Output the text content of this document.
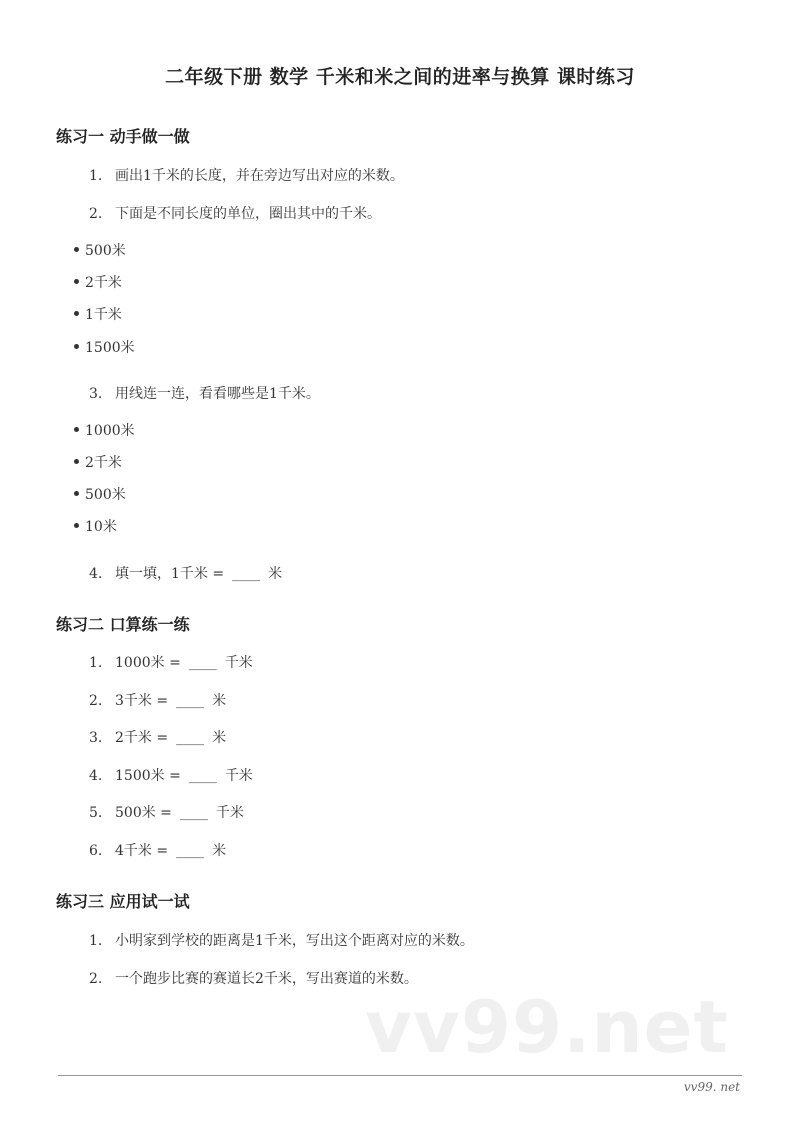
二年级下册 数学 千米和米之间的进率与换算 课时练习
练习一 动手做一做
1. 画出1千米的长度，并在旁边写出对应的米数。
2. 下面是不同长度的单位，圈出其中的千米。
500米
2千米
1千米
1500米
3. 用线连一连，看看哪些是1千米。
1000米
2千米
500米
10米
4. 填一填，1千米 = ____ 米
练习二 口算练一练
1. 1000米 = ____ 千米
2. 3千米 = ____ 米
3. 2千米 = ____ 米
4. 1500米 = ____ 千米
5. 500米 = ____ 千米
6. 4千米 = ____ 米
练习三 应用试一试
1. 小明家到学校的距离是1千米，写出这个距离对应的米数。
2. 一个跑步比赛的赛道长2千米，写出赛道的米数。
vv99.net
vv99. net
